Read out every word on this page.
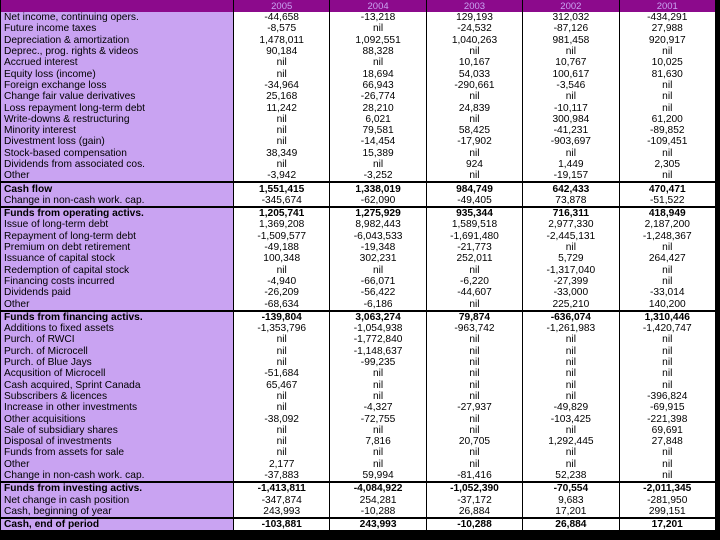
	2005	2004	2003	2002	2001
Net income, continuing opers.	-44,658	-13,218	129,193	312,032	-434,291
Future income taxes	-8,575	nil	-24,532	-87,126	27,988
Depreciation & amortization	1,478,011	1,092,551	1,040,263	981,458	920,917
Deprec., prog. rights & videos	90,184	88,328	nil	nil	nil
Accrued interest	nil	nil	10,167	10,767	10,025
Equity loss (income)	nil	18,694	54,033	100,617	81,630
Foreign exchange loss	-34,964	66,943	-290,661	-3,546	nil
Change fair value derivatives	25,168	-26,774	nil	nil	nil
Loss repayment long-term debt	11,242	28,210	24,839	-10,117	nil
Write-downs & restructuring	nil	6,021	nil	300,984	61,200
Minority interest	nil	79,581	58,425	-41,231	-89,852
Divestment loss (gain)	nil	-14,454	-17,902	-903,697	-109,451
Stock-based compensation	38,349	15,389	nil	nil	nil
Dividends from associated cos.	nil	nil	924	1,449	2,305
Other	-3,942	-3,252	nil	-19,157	nil
Cash flow	1,551,415	1,338,019	984,749	642,433	470,471
Change in non-cash work. cap.	-345,674	-62,090	-49,405	73,878	-51,522
Funds from operating activs.	1,205,741	1,275,929	935,344	716,311	418,949
Issue of long-term debt	1,369,208	8,982,443	1,589,518	2,977,330	2,187,200
Repayment of long-term debt	-1,509,577	-6,043,533	-1,691,480	-2,445,131	-1,248,367
Premium on debt retirement	-49,188	-19,348	-21,773	nil	nil
Issuance of capital stock	100,348	302,231	252,011	5,729	264,427
Redemption of capital stock	nil	nil	nil	-1,317,040	nil
Financing costs incurred	-4,940	-66,071	-6,220	-27,399	nil
Dividends paid	-26,209	-56,422	-44,607	-33,000	-33,014
Other	-68,634	-6,186	nil	225,210	140,200
Funds from financing activs.	-139,804	3,063,274	79,874	-636,074	1,310,446
Additions to fixed assets	-1,353,796	-1,054,938	-963,742	-1,261,983	-1,420,747
Purch. of RWCI	nil	-1,772,840	nil	nil	nil
Purch. of Microcell	nil	-1,148,637	nil	nil	nil
Purch. of Blue Jays	nil	-99,235	nil	nil	nil
Acqusition of Microcell	-51,684	nil	nil	nil	nil
Cash acquired, Sprint Canada	65,467	nil	nil	nil	nil
Subscribers & licences	nil	nil	nil	nil	-396,824
Increase in other investments	nil	-4,327	-27,937	-49,829	-69,915
Other acquisitions	-38,092	-72,755	nil	-103,425	-221,398
Sale of subsidiary shares	nil	nil	nil	nil	69,691
Disposal of investments	nil	7,816	20,705	1,292,445	27,848
Funds from assets for sale	nil	nil	nil	nil	nil
Other	2,177	nil	nil	nil	nil
Change in non-cash work. cap.	-37,883	59,994	-81,416	52,238	nil
Funds from investing activs.	-1,413,811	-4,084,922	-1,052,390	-70,554	-2,011,345
Net change in cash position	-347,874	254,281	-37,172	9,683	-281,950
Cash, beginning of year	243,993	-10,288	26,884	17,201	299,151
Cash, end of period	-103,881	243,993	-10,288	26,884	17,201
